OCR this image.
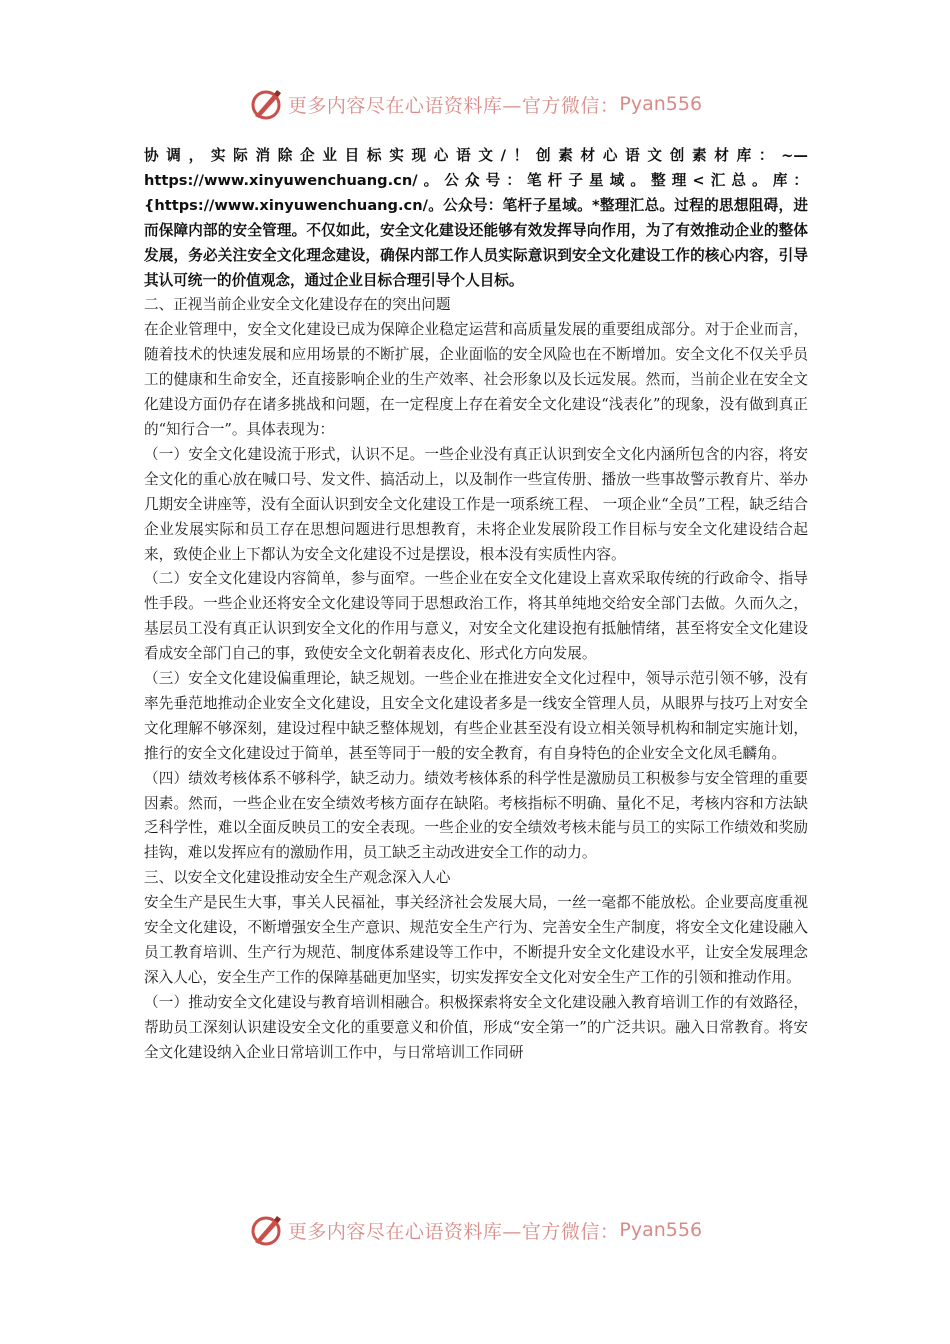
更多内容尽在心语资料库—官方微信： Pyan556

协调，实际消除企业目标实现心语文/！创素材心语文创素材库：~—https://www.xinyuwenchuang.cn/。公众号：笔杆子星域。整理<汇总。库：{https://www.xinyuwenchuang.cn/。公众号：笔杆子星域。*整理汇总。过程的思想阻碍，进而保障内部的安全管理。不仅如此，安全文化建设还能够有效发挥导向作用，为了有效推动企业的整体发展，务必关注安全文化理念建设，确保内部工作人员实际意识到安全文化建设工作的核心内容，引导其认可统一的价值观念，通过企业目标合理引导个人目标。

二、正视当前企业安全文化建设存在的突出问题

在企业管理中，安全文化建设已成为保障企业稳定运营和高质量发展的重要组成部分。对于企业而言，随着技术的快速发展和应用场景的不断扩展，企业面临的安全风险也在不断增加。安全文化不仅关乎员工的健康和生命安全，还直接影响企业的生产效率、社会形象以及长远发展。然而，当前企业在安全文化建设方面仍存在诸多挑战和问题，在一定程度上存在着安全文化建设“浅表化”的现象，没有做到真正的“知行合一”。具体表现为：

（一）安全文化建设流于形式，认识不足。一些企业没有真正认识到安全文化内涵所包含的内容，将安全文化的重心放在喊口号、发文件、搞活动上，以及制作一些宣传册、播放一些事故警示教育片、举办几期安全讲座等，没有全面认识到安全文化建设工作是一项系统工程、 一项企业“全员”工程，缺乏结合企业发展实际和员工存在思想问题进行思想教育，未将企业发展阶段工作目标与安全文化建设结合起来，致使企业上下都认为安全文化建设不过是摆设，根本没有实质性内容。

（二）安全文化建设内容简单，参与面窄。一些企业在安全文化建设上喜欢采取传统的行政命令、指导性手段。一些企业还将安全文化建设等同于思想政治工作，将其单纯地交给安全部门去做。久而久之，基层员工没有真正认识到安全文化的作用与意义，对安全文化建设抱有抵触情绪，甚至将安全文化建设看成安全部门自己的事，致使安全文化朝着表皮化、形式化方向发展。

（三）安全文化建设偏重理论，缺乏规划。一些企业在推进安全文化过程中，领导示范引领不够，没有率先垂范地推动企业安全文化建设，且安全文化建设者多是一线安全管理人员，从眼界与技巧上对安全文化理解不够深刻，建设过程中缺乏整体规划，有些企业甚至没有设立相关领导机构和制定实施计划，推行的安全文化建设过于简单，甚至等同于一般的安全教育，有自身特色的企业安全文化凤毛麟角。

（四）绩效考核体系不够科学，缺乏动力。绩效考核体系的科学性是激励员工积极参与安全管理的重要因素。然而，一些企业在安全绩效考核方面存在缺陷。考核指标不明确、量化不足，考核内容和方法缺乏科学性，难以全面反映员工的安全表现。一些企业的安全绩效考核未能与员工的实际工作绩效和奖励挂钩，难以发挥应有的激励作用，员工缺乏主动改进安全工作的动力。

三、以安全文化建设推动安全生产观念深入人心

安全生产是民生大事，事关人民福祉，事关经济社会发展大局，一丝一毫都不能放松。企业要高度重视安全文化建设，不断增强安全生产意识、规范安全生产行为、完善安全生产制度，将安全文化建设融入员工教育培训、生产行为规范、制度体系建设等工作中，不断提升安全文化建设水平，让安全发展理念深入人心，安全生产工作的保障基础更加坚实，切实发挥安全文化对安全生产工作的引领和推动作用。

（一）推动安全文化建设与教育培训相融合。积极探索将安全文化建设融入教育培训工作的有效路径，帮助员工深刻认识建设安全文化的重要意义和价值，形成“安全第一”的广泛共识。融入日常教育。将安全文化建设纳入企业日常培训工作中，与日常培训工作同研

更多内容尽在心语资料库—官方微信： Pyan556
